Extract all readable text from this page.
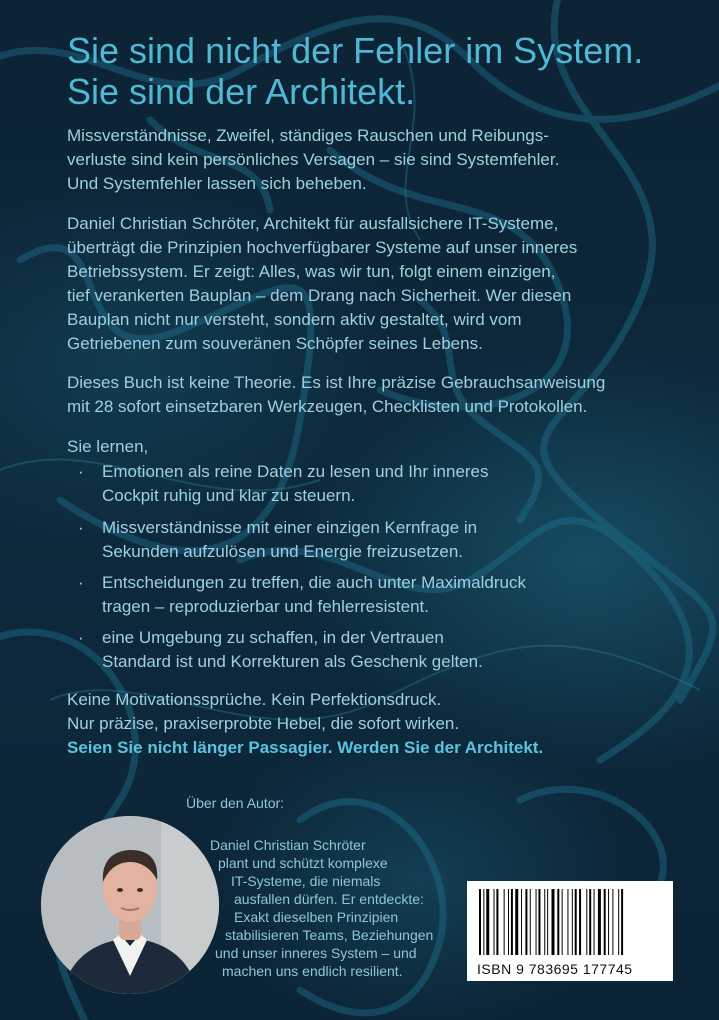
Sie sind nicht der Fehler im System.
Sie sind der Architekt.

Missverständnisse, Zweifel, ständiges Rauschen und Reibungs-
verluste sind kein persönliches Versagen – sie sind Systemfehler.
Und Systemfehler lassen sich beheben.

Daniel Christian Schröter, Architekt für ausfallsichere IT-Systeme,
überträgt die Prinzipien hochverfügbarer Systeme auf unser inneres
Betriebssystem. Er zeigt: Alles, was wir tun, folgt einem einzigen,
tief verankerten Bauplan – dem Drang nach Sicherheit. Wer diesen
Bauplan nicht nur versteht, sondern aktiv gestaltet, wird vom
Getriebenen zum souveränen Schöpfer seines Lebens.

Dieses Buch ist keine Theorie. Es ist Ihre präzise Gebrauchsanweisung
mit 28 sofort einsetzbaren Werkzeugen, Checklisten und Protokollen.

Sie lernen,

· Emotionen als reine Daten zu lesen und Ihr inneres
Cockpit ruhig und klar zu steuern.
· Missverständnisse mit einer einzigen Kernfrage in
Sekunden aufzulösen und Energie freizusetzen.
· Entscheidungen zu treffen, die auch unter Maximaldruck
tragen – reproduzierbar und fehlerresistent.
· eine Umgebung zu schaffen, in der Vertrauen
Standard ist und Korrekturen als Geschenk gelten.

Keine Motivationssprüche. Kein Perfektionsdruck.
Nur präzise, praxiserprobte Hebel, die sofort wirken.
Seien Sie nicht länger Passagier. Werden Sie der Architekt.

Über den Autor:

Daniel Christian Schröter
plant und schützt komplexe
IT-Systeme, die niemals
ausfallen dürfen. Er entdeckte:
Exakt dieselben Prinzipien
stabilisieren Teams, Beziehungen
und unser inneres System – und
machen uns endlich resilient.	ISBN 9 783695 177745
